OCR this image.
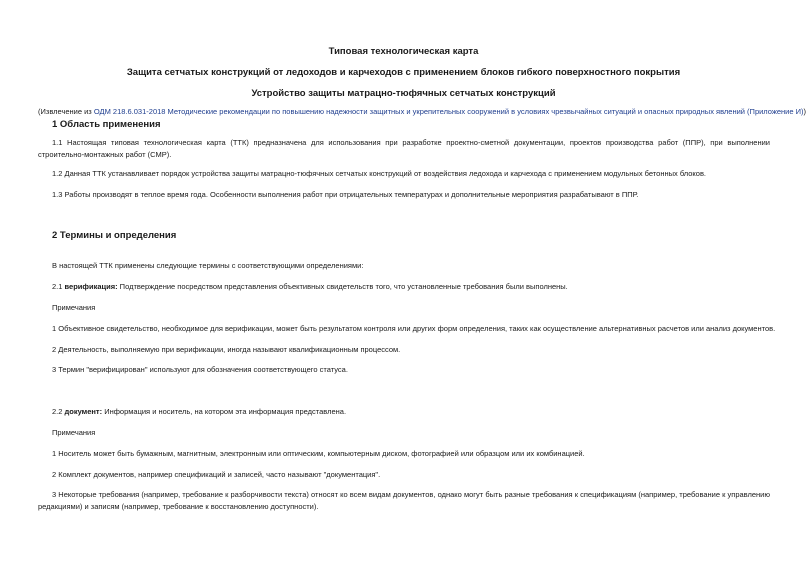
Типовая технологическая карта
Защита сетчатых конструкций от ледоходов и карчеходов с применением блоков гибкого поверхностного покрытия
Устройство защиты матрацно-тюфячных сетчатых конструкций
(Извлечение из ОДМ 218.6.031-2018 Методические рекомендации по повышению надежности защитных и укрепительных сооружений в условиях чрезвычайных ситуаций и опасных природных явлений (Приложение И))
1 Область применения
1.1 Настоящая типовая технологическая карта (ТТК) предназначена для использования при разработке проектно-сметной документации, проектов производства работ (ППР), при выполнении строительно-монтажных работ (СМР).
1.2 Данная ТТК устанавливает порядок устройства защиты матрацно-тюфячных сетчатых конструкций от воздействия ледохода и карчехода с применением модульных бетонных блоков.
1.3 Работы производят в теплое время года. Особенности выполнения работ при отрицательных температурах и дополнительные мероприятия разрабатывают в ППР.
2 Термины и определения
В настоящей ТТК применены следующие термины с соответствующими определениями:
2.1 верификация: Подтверждение посредством представления объективных свидетельств того, что установленные требования были выполнены.
Примечания
1 Объективное свидетельство, необходимое для верификации, может быть результатом контроля или других форм определения, таких как осуществление альтернативных расчетов или анализ документов.
2 Деятельность, выполняемую при верификации, иногда называют квалификационным процессом.
3 Термин "верифицирован" используют для обозначения соответствующего статуса.
2.2 документ: Информация и носитель, на котором эта информация представлена.
Примечания
1 Носитель может быть бумажным, магнитным, электронным или оптическим, компьютерным диском, фотографией или образцом или их комбинацией.
2 Комплект документов, например спецификаций и записей, часто называют "документация".
3 Некоторые требования (например, требование к разборчивости текста) относят ко всем видам документов, однако могут быть разные требования к спецификациям (например, требование к управлению редакциями) и записям (например, требование к восстановлению доступности).
